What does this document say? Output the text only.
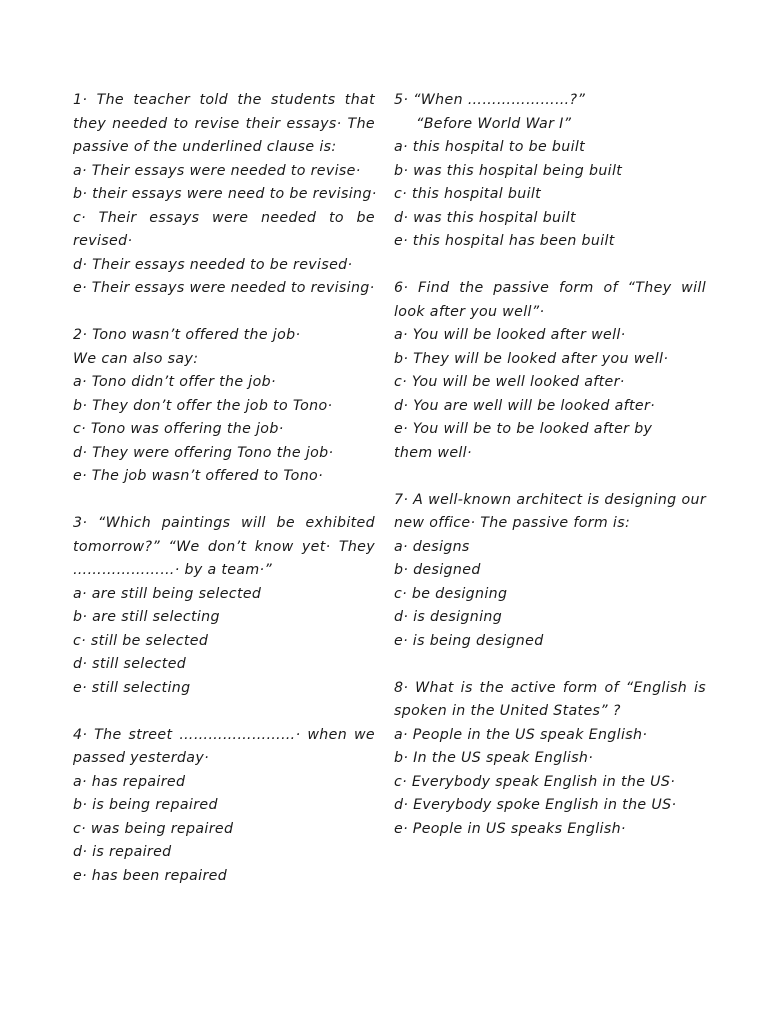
1· The teacher told the students that
they needed to revise their essays· The
passive of the underlined clause is:
a· Their essays were needed to revise·
b· their essays were need to be revising·
c· Their essays were needed to be
revised·
d· Their essays needed to be revised·
e· Their essays were needed to revising·
2· Tono wasn’t offered the job·
We can also say:
a· Tono didn’t offer the job·
b· They don’t offer the job to Tono·
c· Tono was offering the job·
d· They were offering Tono the job·
e· The job wasn’t offered to Tono·
3· “Which paintings will be exhibited
tomorrow?” “We don’t know yet· They
…………………· by a team·”
a· are still being selected
b· are still selecting
c· still be selected
d· still selected
e· still selecting
4· The street ……………………· when we
passed yesterday·
a· has repaired
b· is being repaired
c· was being repaired
d· is repaired
e· has been repaired
5· “When …………………?”
“Before World War I”
a· this hospital to be built
b· was this hospital being built
c· this hospital built
d· was this hospital built
e· this hospital has been built
6· Find the passive form of “They will
look after you well”·
a· You will be looked after well·
b· They will be looked after you well·
c· You will be well looked after·
d· You are well will be looked after·
e· You will be to be looked after by
them well·
7· A well-known architect is designing our
new office· The passive form is:
a· designs
b· designed
c· be designing
d· is designing
e· is being designed
8· What is the active form of “English is
spoken in the United States” ?
a· People in the US speak English·
b· In the US speak English·
c· Everybody speak English in the US·
d· Everybody spoke English in the US·
e· People in US speaks English·
